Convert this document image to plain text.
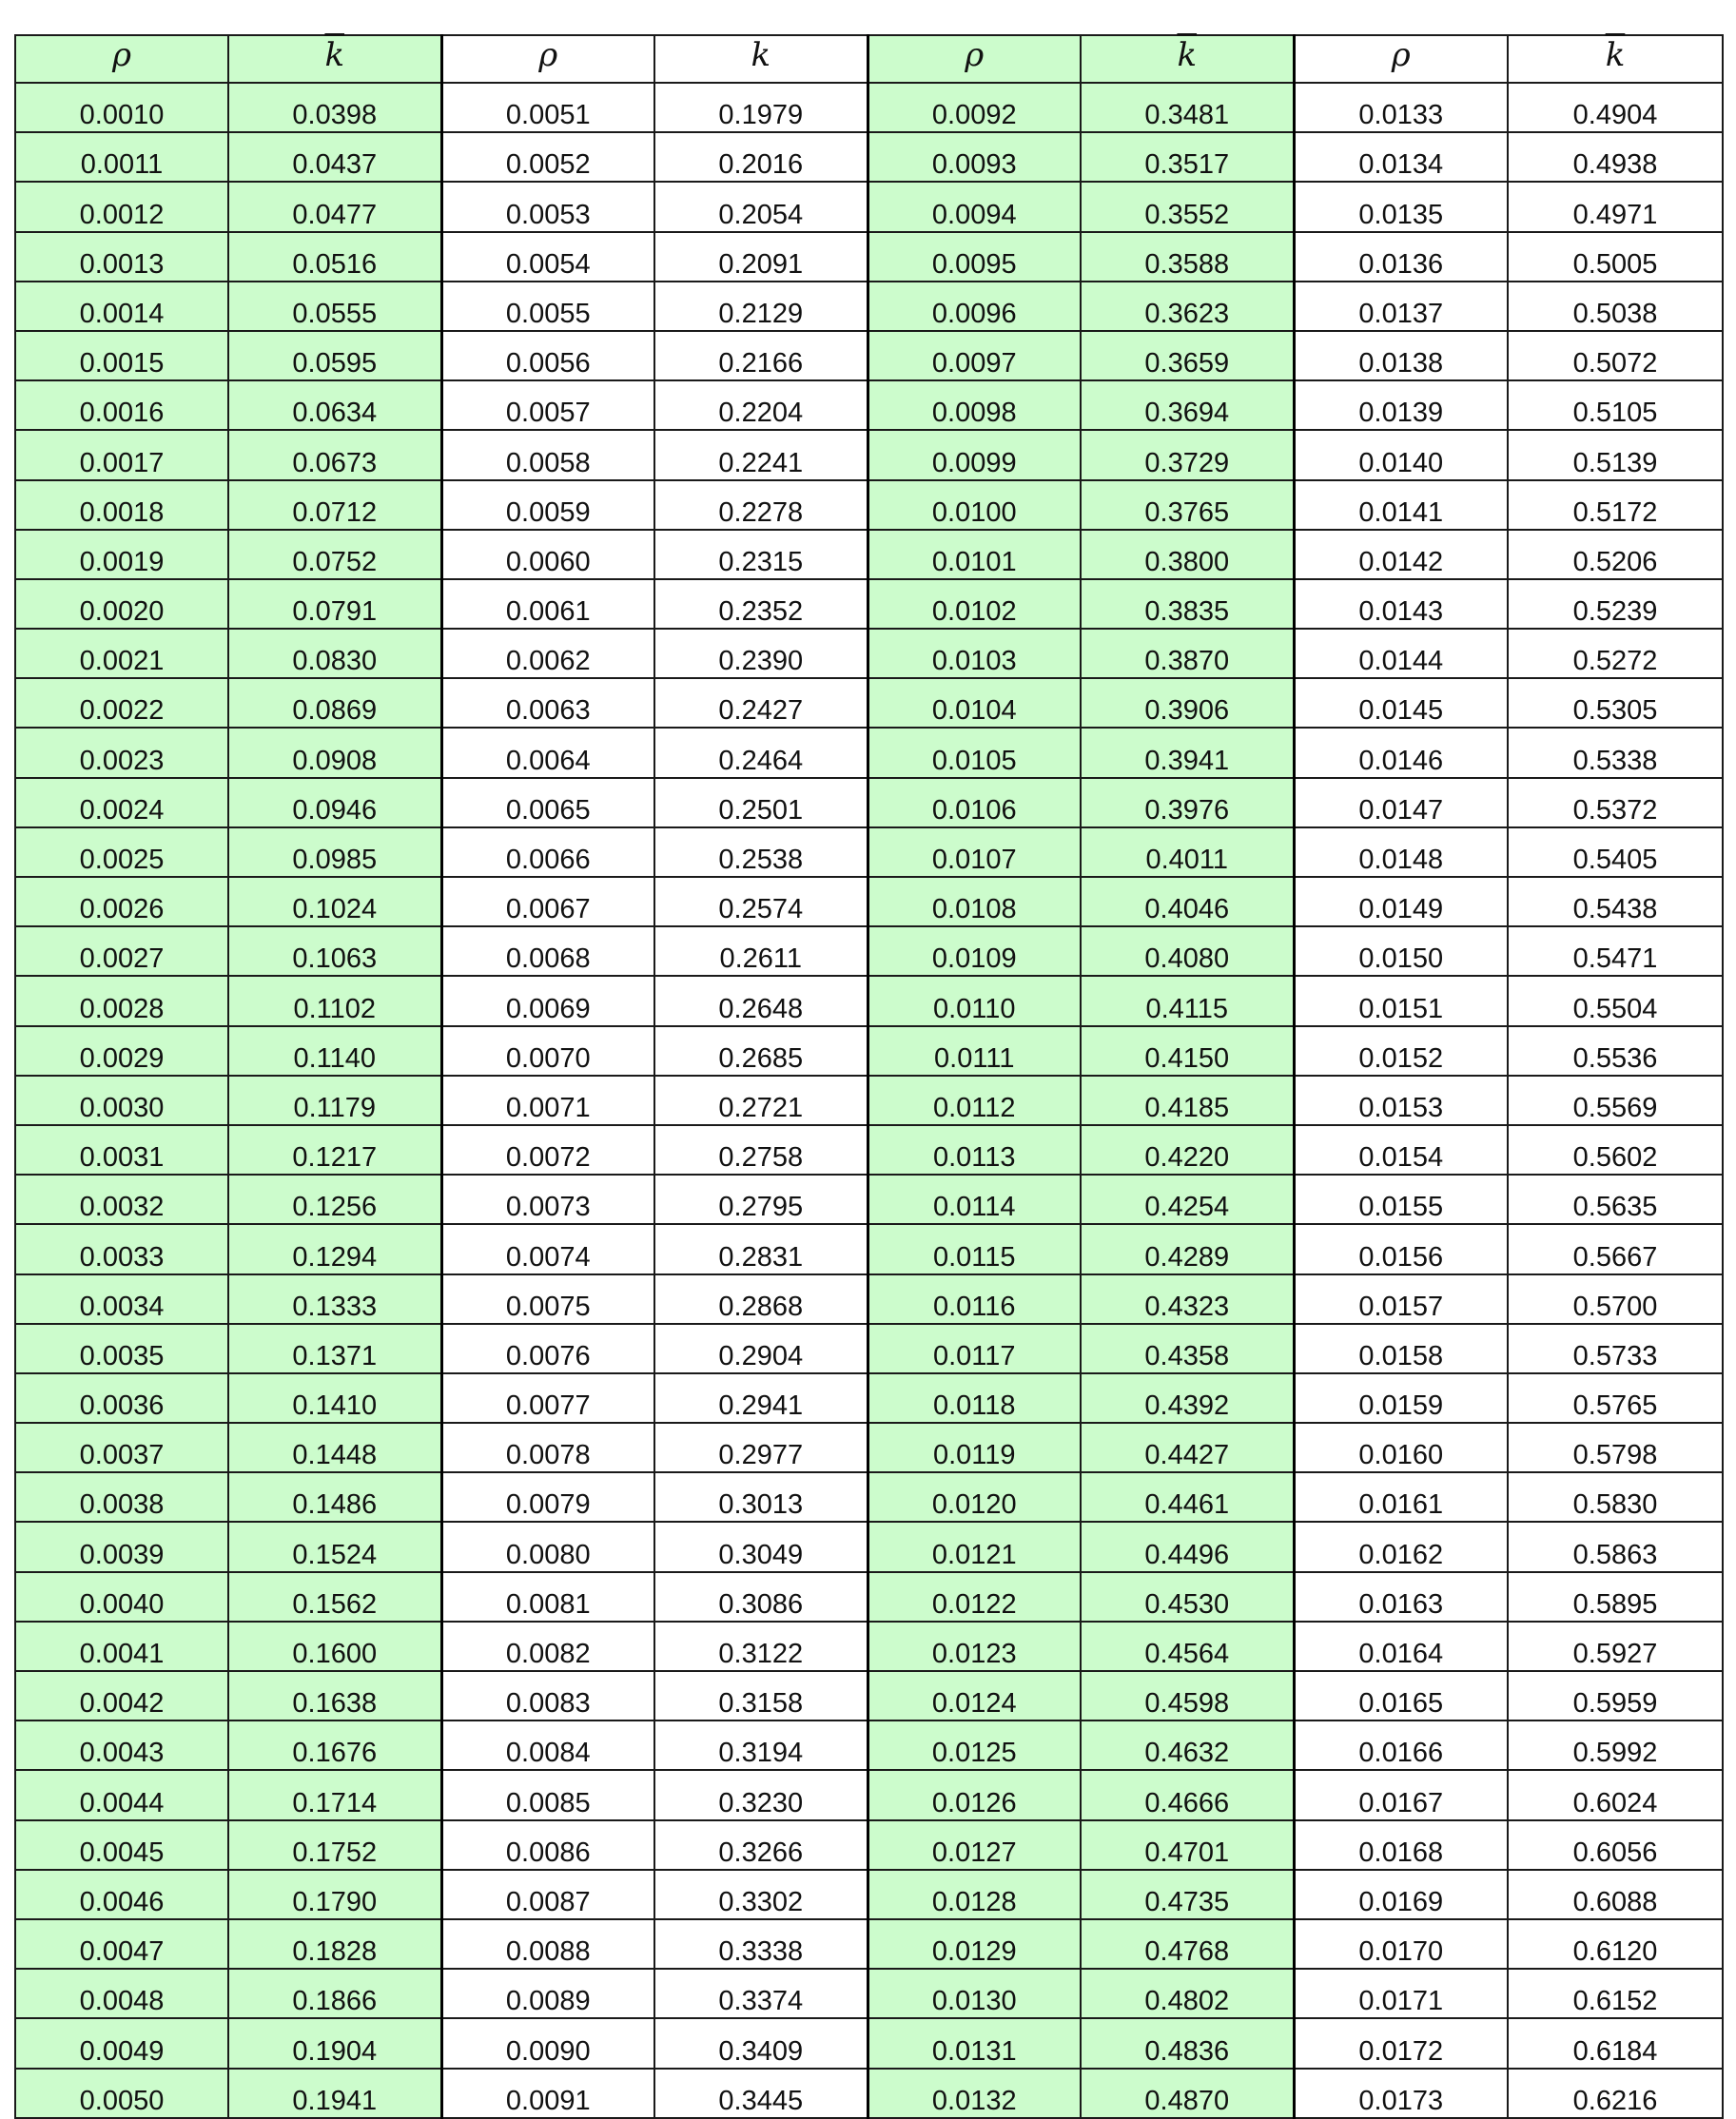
ρ	$\overline{k}$	ρ	k	ρ	$\overline{k}$	ρ	$\overline{k}$
0.0010	0.0398	0.0051	0.1979	0.0092	0.3481	0.0133	0.4904
0.0011	0.0437	0.0052	0.2016	0.0093	0.3517	0.0134	0.4938
0.0012	0.0477	0.0053	0.2054	0.0094	0.3552	0.0135	0.4971
0.0013	0.0516	0.0054	0.2091	0.0095	0.3588	0.0136	0.5005
0.0014	0.0555	0.0055	0.2129	0.0096	0.3623	0.0137	0.5038
0.0015	0.0595	0.0056	0.2166	0.0097	0.3659	0.0138	0.5072
0.0016	0.0634	0.0057	0.2204	0.0098	0.3694	0.0139	0.5105
0.0017	0.0673	0.0058	0.2241	0.0099	0.3729	0.0140	0.5139
0.0018	0.0712	0.0059	0.2278	0.0100	0.3765	0.0141	0.5172
0.0019	0.0752	0.0060	0.2315	0.0101	0.3800	0.0142	0.5206
0.0020	0.0791	0.0061	0.2352	0.0102	0.3835	0.0143	0.5239
0.0021	0.0830	0.0062	0.2390	0.0103	0.3870	0.0144	0.5272
0.0022	0.0869	0.0063	0.2427	0.0104	0.3906	0.0145	0.5305
0.0023	0.0908	0.0064	0.2464	0.0105	0.3941	0.0146	0.5338
0.0024	0.0946	0.0065	0.2501	0.0106	0.3976	0.0147	0.5372
0.0025	0.0985	0.0066	0.2538	0.0107	0.4011	0.0148	0.5405
0.0026	0.1024	0.0067	0.2574	0.0108	0.4046	0.0149	0.5438
0.0027	0.1063	0.0068	0.2611	0.0109	0.4080	0.0150	0.5471
0.0028	0.1102	0.0069	0.2648	0.0110	0.4115	0.0151	0.5504
0.0029	0.1140	0.0070	0.2685	0.0111	0.4150	0.0152	0.5536
0.0030	0.1179	0.0071	0.2721	0.0112	0.4185	0.0153	0.5569
0.0031	0.1217	0.0072	0.2758	0.0113	0.4220	0.0154	0.5602
0.0032	0.1256	0.0073	0.2795	0.0114	0.4254	0.0155	0.5635
0.0033	0.1294	0.0074	0.2831	0.0115	0.4289	0.0156	0.5667
0.0034	0.1333	0.0075	0.2868	0.0116	0.4323	0.0157	0.5700
0.0035	0.1371	0.0076	0.2904	0.0117	0.4358	0.0158	0.5733
0.0036	0.1410	0.0077	0.2941	0.0118	0.4392	0.0159	0.5765
0.0037	0.1448	0.0078	0.2977	0.0119	0.4427	0.0160	0.5798
0.0038	0.1486	0.0079	0.3013	0.0120	0.4461	0.0161	0.5830
0.0039	0.1524	0.0080	0.3049	0.0121	0.4496	0.0162	0.5863
0.0040	0.1562	0.0081	0.3086	0.0122	0.4530	0.0163	0.5895
0.0041	0.1600	0.0082	0.3122	0.0123	0.4564	0.0164	0.5927
0.0042	0.1638	0.0083	0.3158	0.0124	0.4598	0.0165	0.5959
0.0043	0.1676	0.0084	0.3194	0.0125	0.4632	0.0166	0.5992
0.0044	0.1714	0.0085	0.3230	0.0126	0.4666	0.0167	0.6024
0.0045	0.1752	0.0086	0.3266	0.0127	0.4701	0.0168	0.6056
0.0046	0.1790	0.0087	0.3302	0.0128	0.4735	0.0169	0.6088
0.0047	0.1828	0.0088	0.3338	0.0129	0.4768	0.0170	0.6120
0.0048	0.1866	0.0089	0.3374	0.0130	0.4802	0.0171	0.6152
0.0049	0.1904	0.0090	0.3409	0.0131	0.4836	0.0172	0.6184
0.0050	0.1941	0.0091	0.3445	0.0132	0.4870	0.0173	0.6216
